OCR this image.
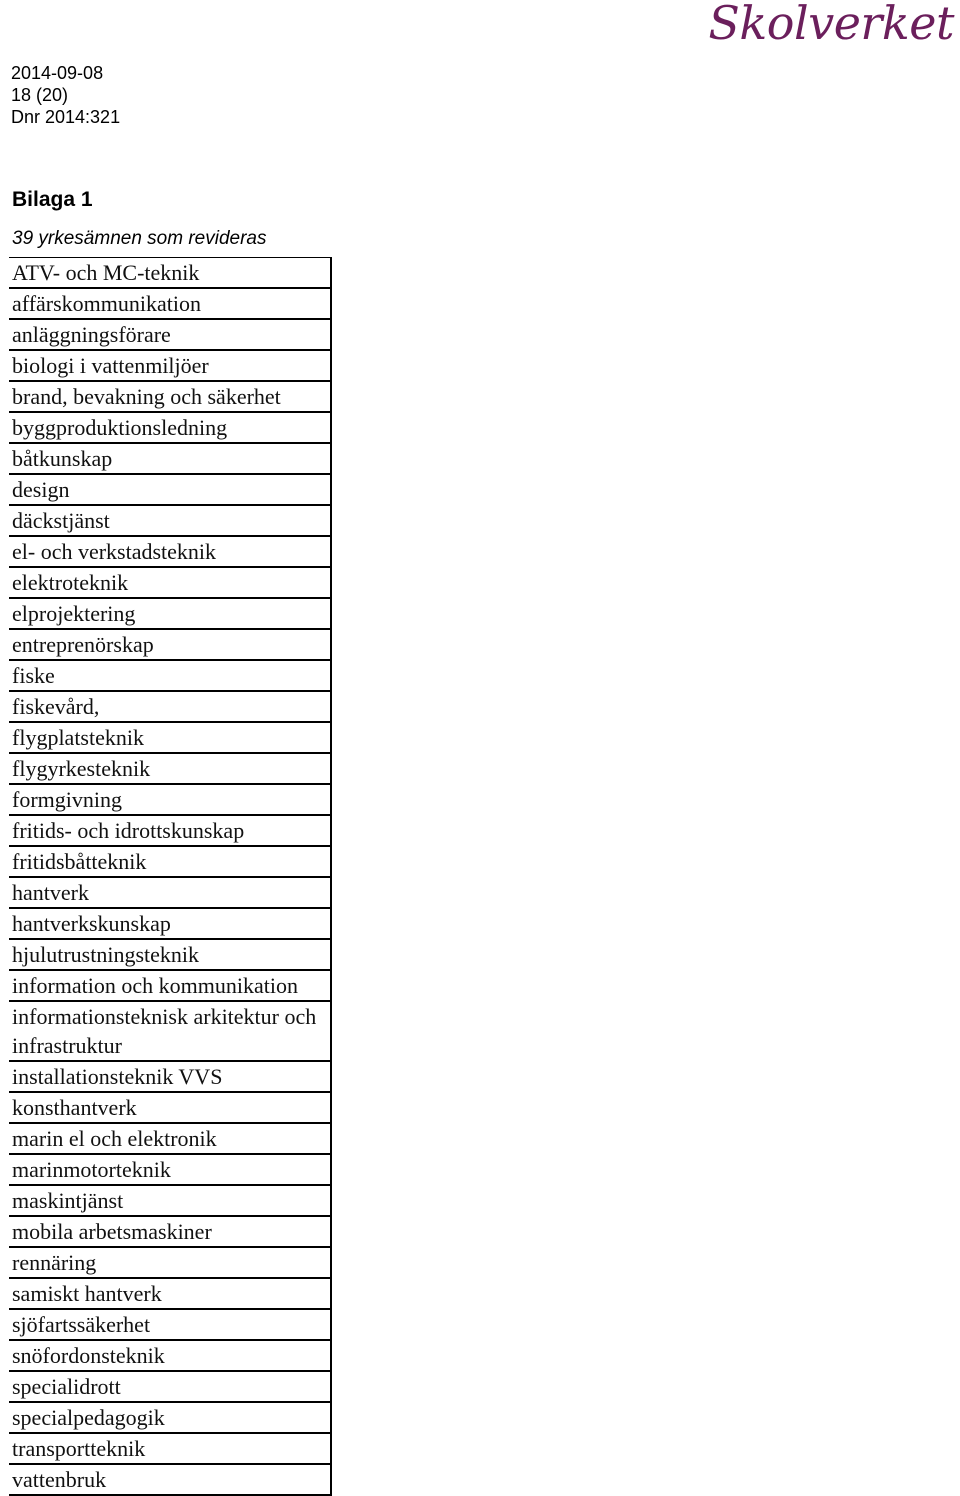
Skolverket
2014-09-08
18 (20)
Dnr 2014:321
Bilaga 1
39 yrkesämnen som revideras
ATV- och MC-teknik
affärskommunikation
anläggningsförare
biologi i vattenmiljöer
brand, bevakning och säkerhet
byggproduktionsledning
båtkunskap
design
däckstjänst
el- och verkstadsteknik
elektroteknik
elprojektering
entreprenörskap
fiske
fiskevård,
flygplatsteknik
flygyrkesteknik
formgivning
fritids- och idrottskunskap
fritidsbåtteknik
hantverk
hantverkskunskap
hjulutrustningsteknik
information och kommunikation
informationsteknisk arkitektur och infrastruktur
installationsteknik VVS
konsthantverk
marin el och elektronik
marinmotorteknik
maskintjänst
mobila arbetsmaskiner
rennäring
samiskt hantverk
sjöfartssäkerhet
snöfordonsteknik
specialidrott
specialpedagogik
transportteknik
vattenbruk
